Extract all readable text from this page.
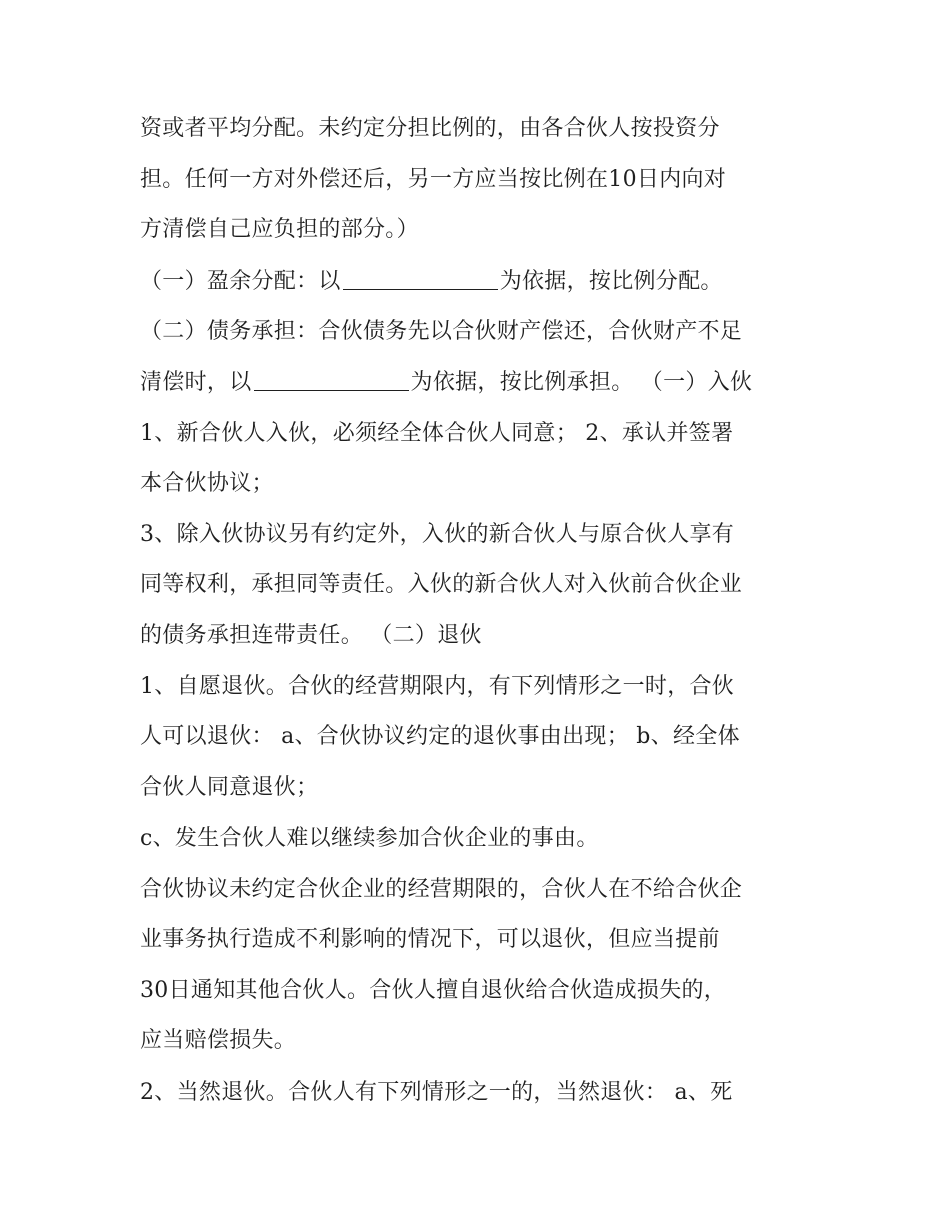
资或者平均分配。未约定分担比例的，由各合伙人按投资分
担。任何一方对外偿还后，另一方应当按比例在10日内向对
方清偿自己应负担的部分。）
（一）盈余分配：以	为依据，按比例分配。
（二）债务承担：合伙债务先以合伙财产偿还，合伙财产不足
清偿时，以	为依据，按比例承担。 （一）入伙
1、新合伙人入伙，必须经全体合伙人同意； 2、承认并签署
本合伙协议；
3、除入伙协议另有约定外，入伙的新合伙人与原合伙人享有
同等权利，承担同等责任。入伙的新合伙人对入伙前合伙企业
的债务承担连带责任。 （二）退伙
1、自愿退伙。合伙的经营期限内，有下列情形之一时，合伙
人可以退伙： a、合伙协议约定的退伙事由出现； b、经全体
合伙人同意退伙；
c、发生合伙人难以继续参加合伙企业的事由。
合伙协议未约定合伙企业的经营期限的，合伙人在不给合伙企
业事务执行造成不利影响的情况下，可以退伙，但应当提前
30日通知其他合伙人。合伙人擅自退伙给合伙造成损失的，
应当赔偿损失。
2、当然退伙。合伙人有下列情形之一的，当然退伙： a、死
